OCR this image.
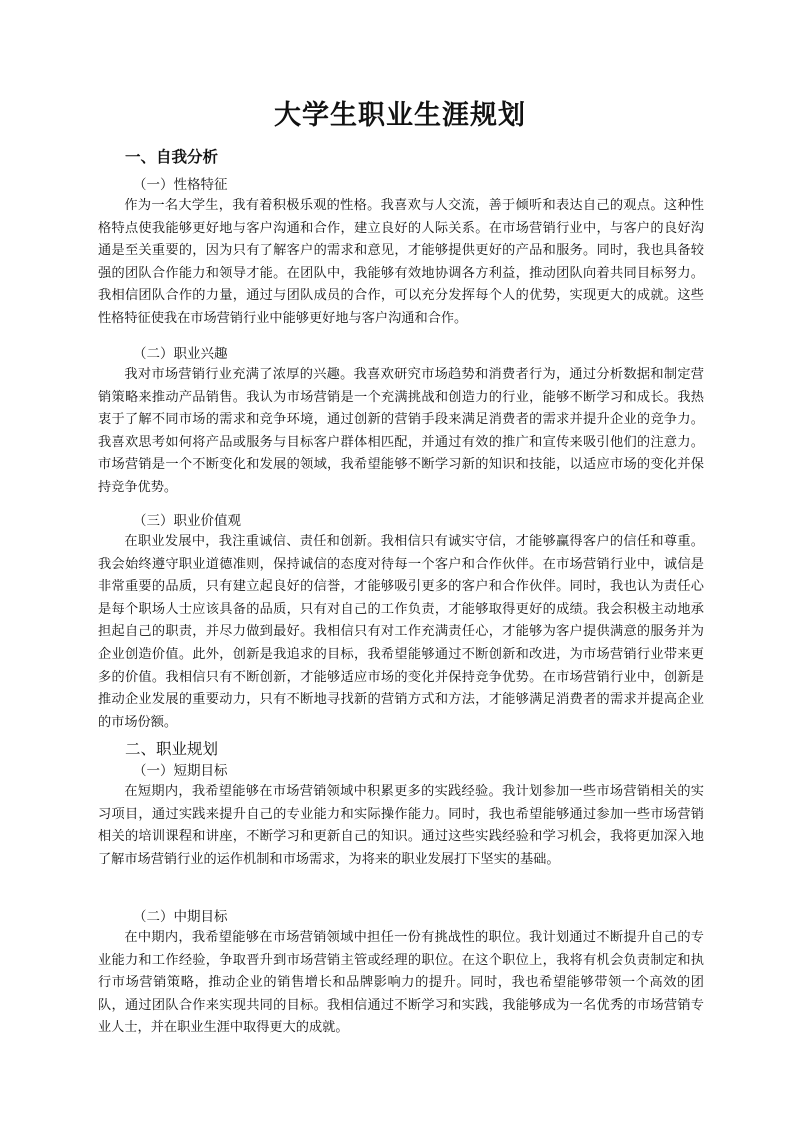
大学生职业生涯规划

一、自我分析

（一）性格特征

作为一名大学生，我有着积极乐观的性格。我喜欢与人交流，善于倾听和表达自己的观点。这种性格特点使我能够更好地与客户沟通和合作，建立良好的人际关系。在市场营销行业中，与客户的良好沟通是至关重要的，因为只有了解客户的需求和意见，才能够提供更好的产品和服务。同时，我也具备较强的团队合作能力和领导才能。在团队中，我能够有效地协调各方利益，推动团队向着共同目标努力。我相信团队合作的力量，通过与团队成员的合作，可以充分发挥每个人的优势，实现更大的成就。这些性格特征使我在市场营销行业中能够更好地与客户沟通和合作。

（二）职业兴趣

我对市场营销行业充满了浓厚的兴趣。我喜欢研究市场趋势和消费者行为，通过分析数据和制定营销策略来推动产品销售。我认为市场营销是一个充满挑战和创造力的行业，能够不断学习和成长。我热衷于了解不同市场的需求和竞争环境，通过创新的营销手段来满足消费者的需求并提升企业的竞争力。我喜欢思考如何将产品或服务与目标客户群体相匹配，并通过有效的推广和宣传来吸引他们的注意力。市场营销是一个不断变化和发展的领域，我希望能够不断学习新的知识和技能，以适应市场的变化并保持竞争优势。

（三）职业价值观

在职业发展中，我注重诚信、责任和创新。我相信只有诚实守信，才能够赢得客户的信任和尊重。我会始终遵守职业道德准则，保持诚信的态度对待每一个客户和合作伙伴。在市场营销行业中，诚信是非常重要的品质，只有建立起良好的信誉，才能够吸引更多的客户和合作伙伴。同时，我也认为责任心是每个职场人士应该具备的品质，只有对自己的工作负责，才能够取得更好的成绩。我会积极主动地承担起自己的职责，并尽力做到最好。我相信只有对工作充满责任心，才能够为客户提供满意的服务并为企业创造价值。此外，创新是我追求的目标，我希望能够通过不断创新和改进，为市场营销行业带来更多的价值。我相信只有不断创新，才能够适应市场的变化并保持竞争优势。在市场营销行业中，创新是推动企业发展的重要动力，只有不断地寻找新的营销方式和方法，才能够满足消费者的需求并提高企业的市场份额。

二、职业规划

（一）短期目标

在短期内，我希望能够在市场营销领域中积累更多的实践经验。我计划参加一些市场营销相关的实习项目，通过实践来提升自己的专业能力和实际操作能力。同时，我也希望能够通过参加一些市场营销相关的培训课程和讲座，不断学习和更新自己的知识。通过这些实践经验和学习机会，我将更加深入地了解市场营销行业的运作机制和市场需求，为将来的职业发展打下坚实的基础。

（二）中期目标

在中期内，我希望能够在市场营销领域中担任一份有挑战性的职位。我计划通过不断提升自己的专业能力和工作经验，争取晋升到市场营销主管或经理的职位。在这个职位上，我将有机会负责制定和执行市场营销策略，推动企业的销售增长和品牌影响力的提升。同时，我也希望能够带领一个高效的团队，通过团队合作来实现共同的目标。我相信通过不断学习和实践，我能够成为一名优秀的市场营销专业人士，并在职业生涯中取得更大的成就。
